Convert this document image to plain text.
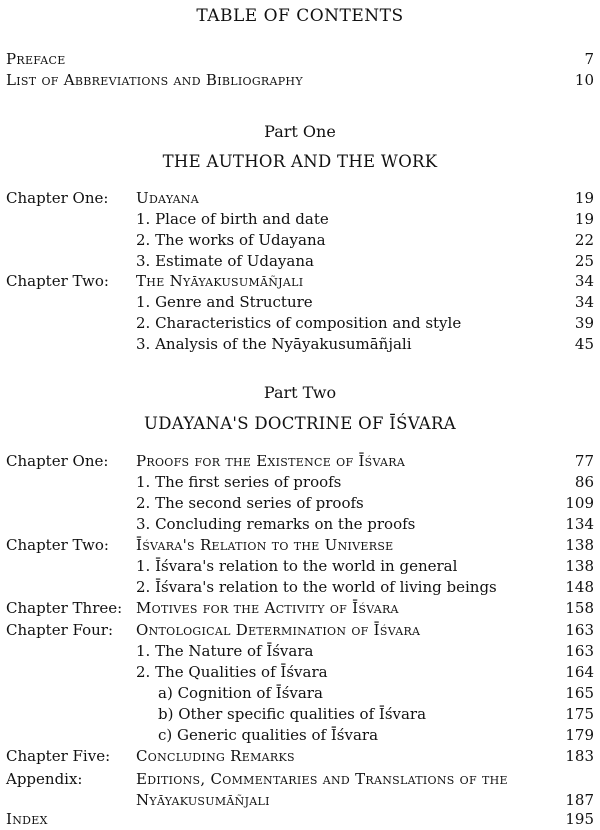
TABLE OF CONTENTS
Preface	7
List of Abbreviations and Bibliography	10
Part One
THE AUTHOR AND THE WORK
Chapter One: Udayana	19
1. Place of birth and date	19
2. The works of Udayana	22
3. Estimate of Udayana	25
Chapter Two: The Nyāyakusumāñjali	34
1. Genre and Structure	34
2. Characteristics of composition and style	39
3. Analysis of the Nyāyakusumāñjali	45
Part Two
UDAYANA'S DOCTRINE OF ĪŚVARA
Chapter One: Proofs for the Existence of Īśvara	77
1. The first series of proofs	86
2. The second series of proofs	109
3. Concluding remarks on the proofs	134
Chapter Two: Īśvara's Relation to the Universe	138
1. Īśvara's relation to the world in general	138
2. Īśvara's relation to the world of living beings	148
Chapter Three: Motives for the Activity of Īśvara	158
Chapter Four: Ontological Determination of Īśvara	163
1. The Nature of Īśvara	163
2. The Qualities of Īśvara	164
a) Cognition of Īśvara	165
b) Other specific qualities of Īśvara	175
c) Generic qualities of Īśvara	179
Chapter Five: Concluding Remarks	183
Appendix:	Editions, Commentaries and Translations of the
Nyāyakusumāñjali	187
Index	195
